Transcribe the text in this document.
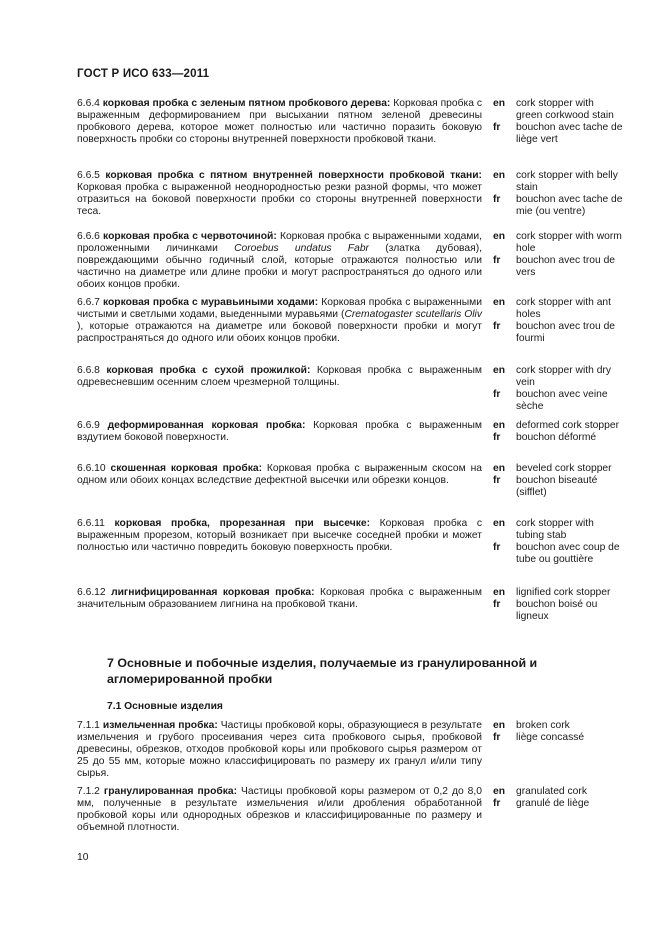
ГОСТ Р ИСО 633—2011
6.6.4 корковая пробка с зеленым пятном пробкового дерева: Корковая пробка с выраженным деформированием при высыхании пятном зеленой древесины пробкового дерева, которое может полностью или частично поразить боковую поверхность пробки со стороны внутренней поверхности пробковой ткани.
en	cork stopper with green corkwood stain
fr	bouchon avec tache de liège vert
6.6.5 корковая пробка с пятном внутренней поверхности пробковой ткани: Корковая пробка с выраженной неоднородностью резки разной формы, что может отразиться на боковой поверхности пробки со стороны внутренней поверхности теса.
en	cork stopper with belly stain
fr	bouchon avec tache de mie (ou ventre)
6.6.6 корковая пробка с червоточиной: Корковая пробка с выраженными ходами, проложенными личинками Coroebus undatus Fabr (златка дубовая), повреждающими обычно годичный слой, которые отражаются полностью или частично на диаметре или длине пробки и могут распространяться до одного или обоих концов пробки.
en	cork stopper with worm hole
fr	bouchon avec trou de vers
6.6.7 корковая пробка с муравьиными ходами: Корковая пробка с выраженными чистыми и светлыми ходами, выеденными муравьями (Crematogaster scutellaris Oliv ), которые отражаются на диаметре или боковой поверхности пробки и могут распространяться до одного или обоих концов пробки.
en	cork stopper with ant holes
fr	bouchon avec trou de fourmi
6.6.8 корковая пробка с сухой прожилкой: Корковая пробка с выраженным одревесневшим осенним слоем чрезмерной толщины.
en	cork stopper with dry vein
fr	bouchon avec veine sèche
6.6.9 деформированная корковая пробка: Корковая пробка с выраженным вздутием боковой поверхности.
en	deformed cork stopper
fr	bouchon déformé
6.6.10 скошенная корковая пробка: Корковая пробка с выраженным скосом на одном или обоих концах вследствие дефектной высечки или обрезки концов.
en	beveled cork stopper
fr	bouchon biseauté (sifflet)
6.6.11 корковая пробка, прорезанная при высечке: Корковая пробка с выраженным прорезом, который возникает при высечке соседней пробки и может полностью или частично повредить боковую поверхность пробки.
en	cork stopper with tubing stab
fr	bouchon avec coup de tube ou gouttière
6.6.12 лигнифицированная корковая пробка: Корковая пробка с выраженным значительным образованием лигнина на пробковой ткани.
en	lignified cork stopper
fr	bouchon boisé ou ligneux
7 Основные и побочные изделия, получаемые из гранулированной и агломерированной пробки
7.1 Основные изделия
7.1.1 измельченная пробка: Частицы пробковой коры, образующиеся в результате измельчения и грубого просеивания через сита пробкового сырья, пробковой древесины, обрезков, отходов пробковой коры или пробкового сырья размером от 25 до 55 мм, которые можно классифицировать по размеру их гранул и/или типу сырья.
en	broken cork
fr	liège concassé
7.1.2 гранулированная пробка: Частицы пробковой коры размером от 0,2 до 8,0 мм, полученные в результате измельчения и/или дробления обработанной пробковой коры или однородных обрезков и классифицированные по размеру и объемной плотности.
en	granulated cork
fr	granulé de liège
10
